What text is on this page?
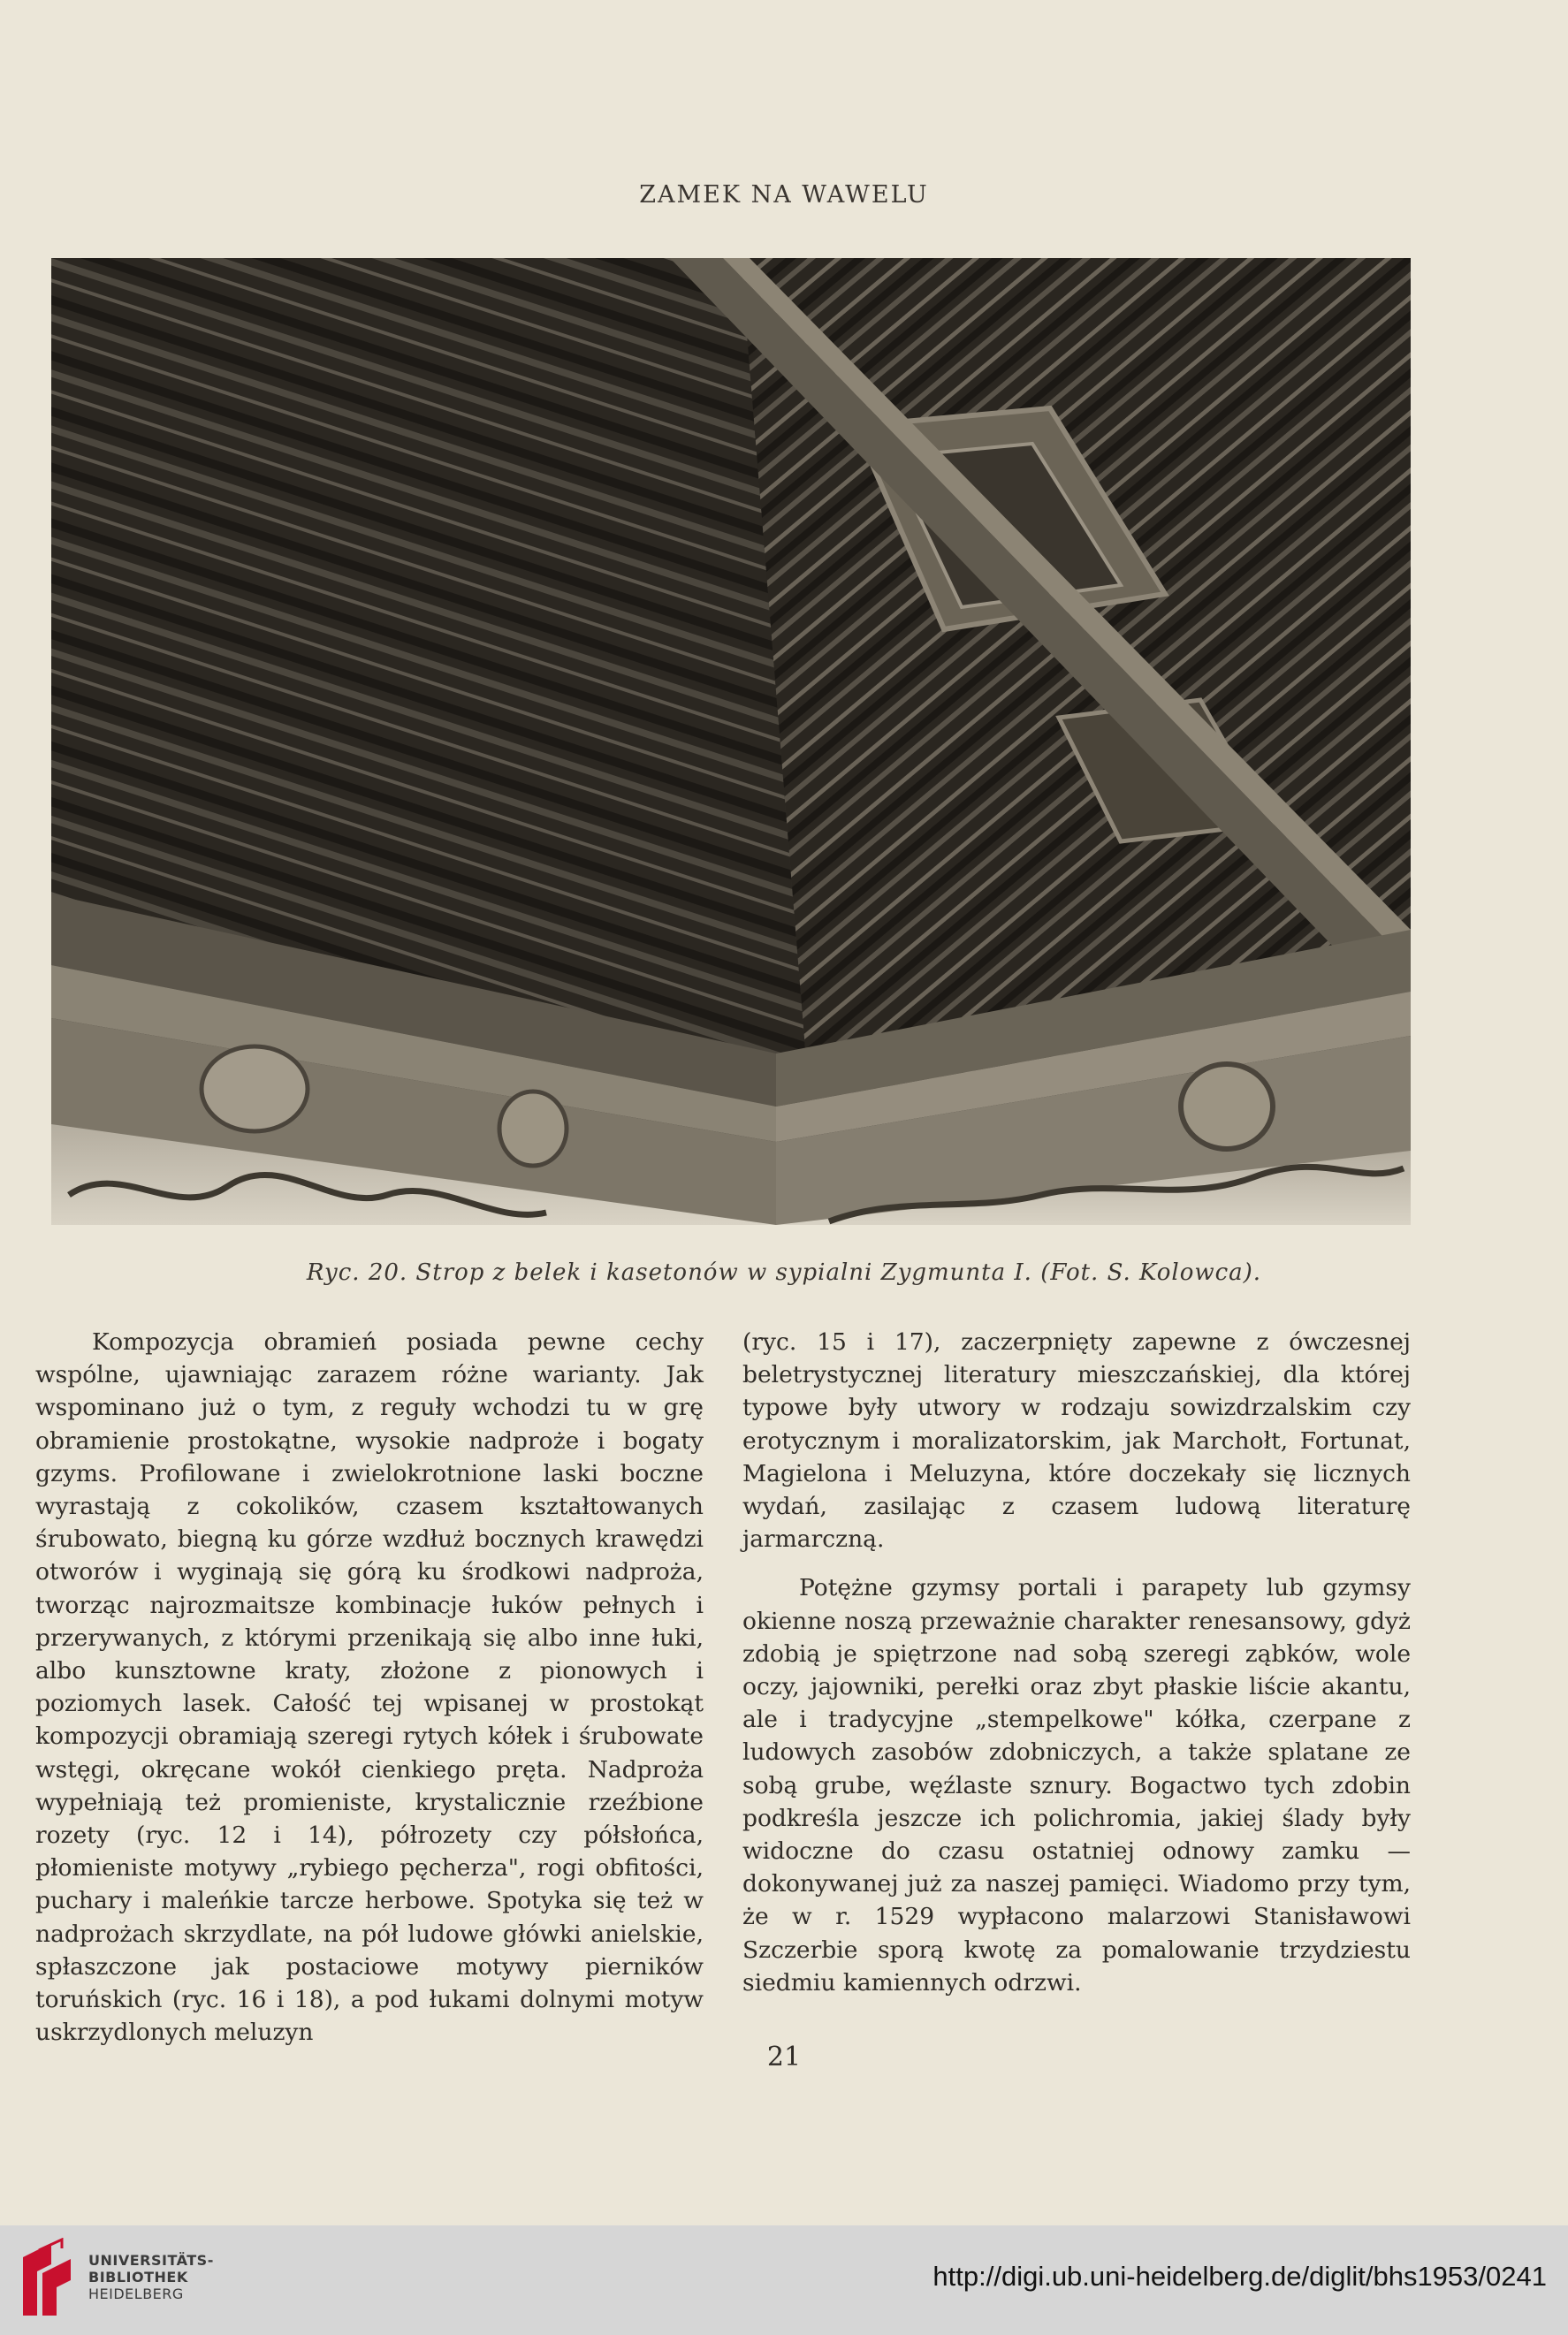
ZAMEK NA WAWELU
Ryc. 20. Strop z belek i kasetonów w sypialni Zygmunta I. (Fot. S. Kolowca).

Kompozycja obramień posiada pewne cechy wspólne, ujawniając zarazem różne warianty. Jak wspominano już o tym, z reguły wchodzi tu w grę obramienie prostokątne, wysokie nadproże i bogaty gzyms. Profilowane i zwielokrotnione laski boczne wyrastają z cokolików, czasem kształtowanych śrubowato, biegną ku górze wzdłuż bocznych krawędzi otworów i wyginają się górą ku środkowi nadproża, tworząc najrozmaitsze kombinacje łuków pełnych i przerywanych, z którymi przenikają się albo inne łuki, albo kunsztowne kraty, złożone z pionowych i poziomych lasek. Całość tej wpisanej w prostokąt kompozycji obramiają szeregi rytych kółek i śrubowate wstęgi, okręcane wokół cienkiego pręta. Nadproża wypełniają też promieniste, krystalicznie rzeźbione rozety (ryc. 12 i 14), półrozety czy półsłońca, płomieniste motywy „rybiego pęcherza", rogi obfitości, puchary i maleńkie tarcze herbowe. Spotyka się też w nadprożach skrzydlate, na pół ludowe główki anielskie, spłaszczone jak postaciowe motywy pierników toruńskich (ryc. 16 i 18), a pod łukami dolnymi motyw uskrzydlonych meluzyn

(ryc. 15 i 17), zaczerpnięty zapewne z ówczesnej beletrystycznej literatury mieszczańskiej, dla której typowe były utwory w rodzaju sowizdrzalskim czy erotycznym i moralizatorskim, jak Marchołt, Fortunat, Magielona i Meluzyna, które doczekały się licznych wydań, zasilając z czasem ludową literaturę jarmarczną.

Potężne gzymsy portali i parapety lub gzymsy okienne noszą przeważnie charakter renesansowy, gdyż zdobią je spiętrzone nad sobą szeregi ząbków, wole oczy, jajowniki, perełki oraz zbyt płaskie liście akantu, ale i tradycyjne „stempelkowe" kółka, czerpane z ludowych zasobów zdobniczych, a także splatane ze sobą grube, węźlaste sznury. Bogactwo tych zdobin podkreśla jeszcze ich polichromia, jakiej ślady były widoczne do czasu ostatniej odnowy zamku — dokonywanej już za naszej pamięci. Wiadomo przy tym, że w r. 1529 wypłacono malarzowi Stanisławowi Szczerbie sporą kwotę za pomalowanie trzydziestu siedmiu kamiennych odrzwi.

21
UNIVERSITÄTS-
BIBLIOTHEK
HEIDELBERG
http://digi.ub.uni-heidelberg.de/diglit/bhs1953/0241
